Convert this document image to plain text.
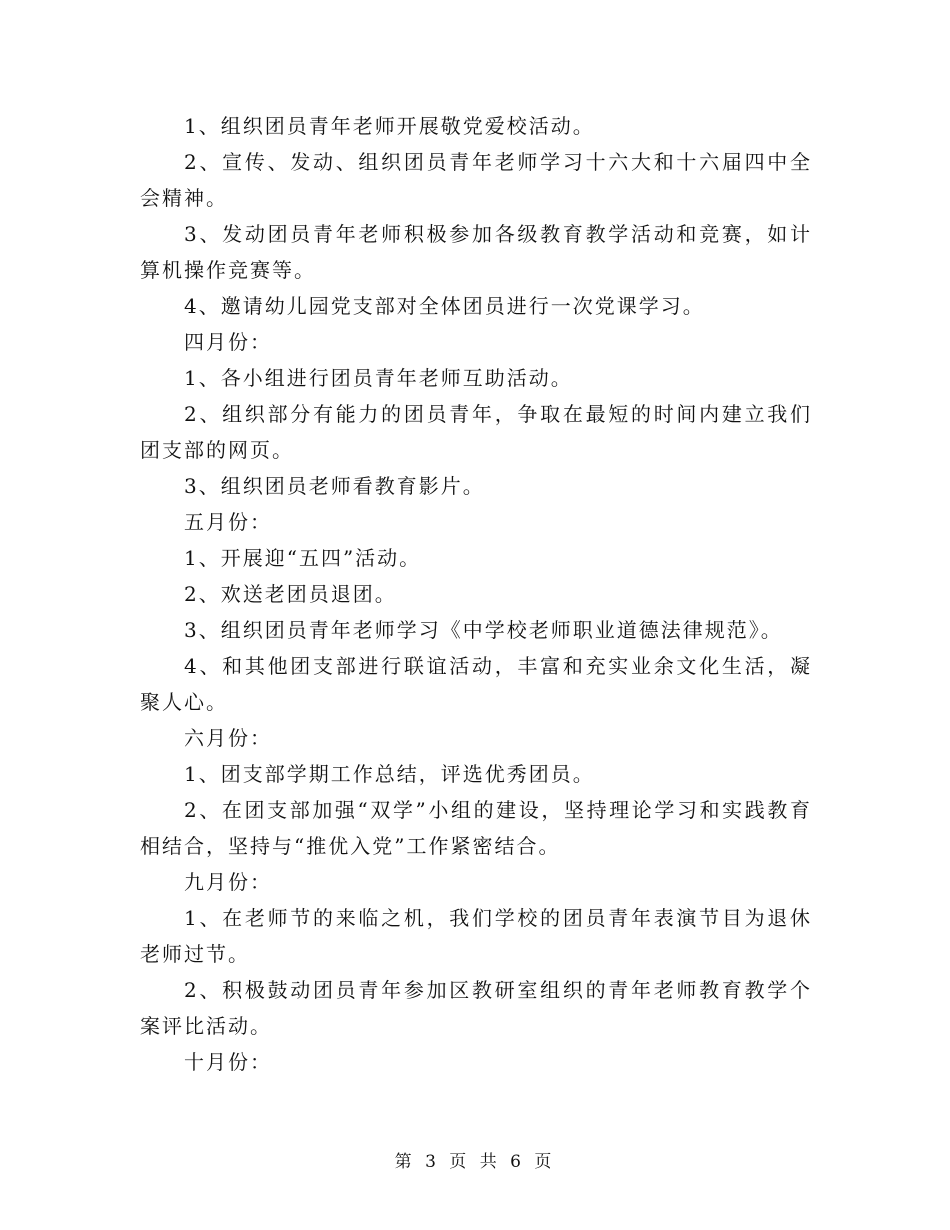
1、组织团员青年老师开展敬党爱校活动。

2、宣传、发动、组织团员青年老师学习十六大和十六届四中全会精神。

3、发动团员青年老师积极参加各级教育教学活动和竞赛，如计算机操作竞赛等。

4、邀请幼儿园党支部对全体团员进行一次党课学习。

四月份：

1、各小组进行团员青年老师互助活动。

2、组织部分有能力的团员青年，争取在最短的时间内建立我们团支部的网页。

3、组织团员老师看教育影片。

五月份：

1、开展迎“五四”活动。

2、欢送老团员退团。

3、组织团员青年老师学习《中学校老师职业道德法律规范》。

4、和其他团支部进行联谊活动，丰富和充实业余文化生活，凝聚人心。

六月份：

1、团支部学期工作总结，评选优秀团员。

2、在团支部加强“双学”小组的建设，坚持理论学习和实践教育相结合，坚持与“推优入党”工作紧密结合。

九月份：

1、在老师节的来临之机，我们学校的团员青年表演节目为退休老师过节。

2、积极鼓动团员青年参加区教研室组织的青年老师教育教学个案评比活动。

十月份：

第 3 页 共 6 页
